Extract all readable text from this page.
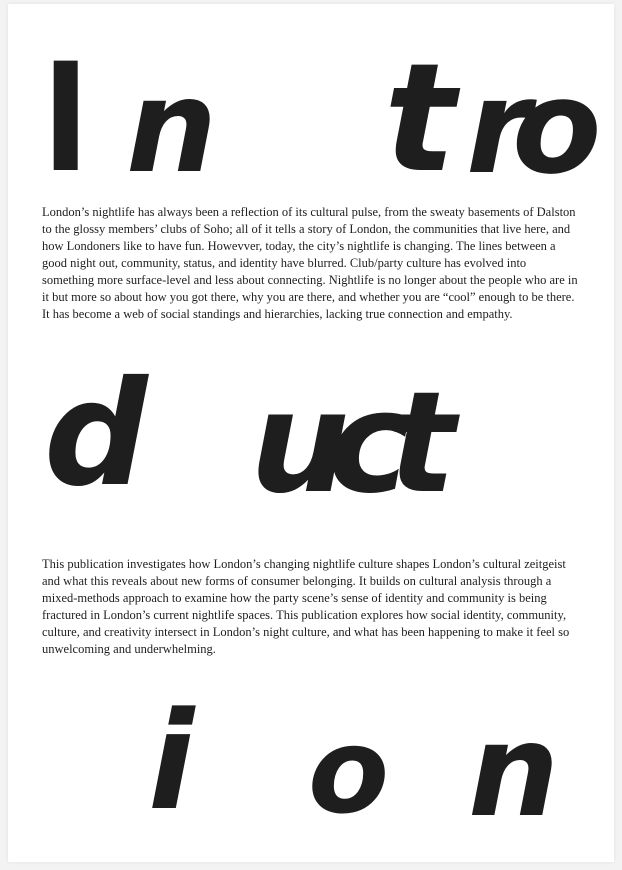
I n t ro

London’s nightlife has always been a reflection of its cultural pulse, from the sweaty basements of Dalston to the glossy members’ clubs of Soho; all of it tells a story of London, the communities that live here, and how Londoners like to have fun. Howevver, today, the city’s nightlife is changing. The lines between a good night out, community, status, and identity have blurred. Club/party culture has evolved into something more surface-level and less about connecting. Nightlife is no longer about the people who are in it but more so about how you got there, why you are there, and whether you are “cool” enough to be there. It has become a web of social standings and hierarchies, lacking true connection and empathy.

d uct

This publication investigates how London’s changing nightlife culture shapes London’s cultural zeitgeist and what this reveals about new forms of consumer belonging. It builds on cultural analysis through a mixed-methods approach to examine how the party scene’s sense of identity and community is being fractured in London’s current nightlife spaces. This publication explores how social identity, community, culture, and creativity intersect in London’s night culture, and what has been happening to make it feel so unwelcoming and underwhelming.

i o n
